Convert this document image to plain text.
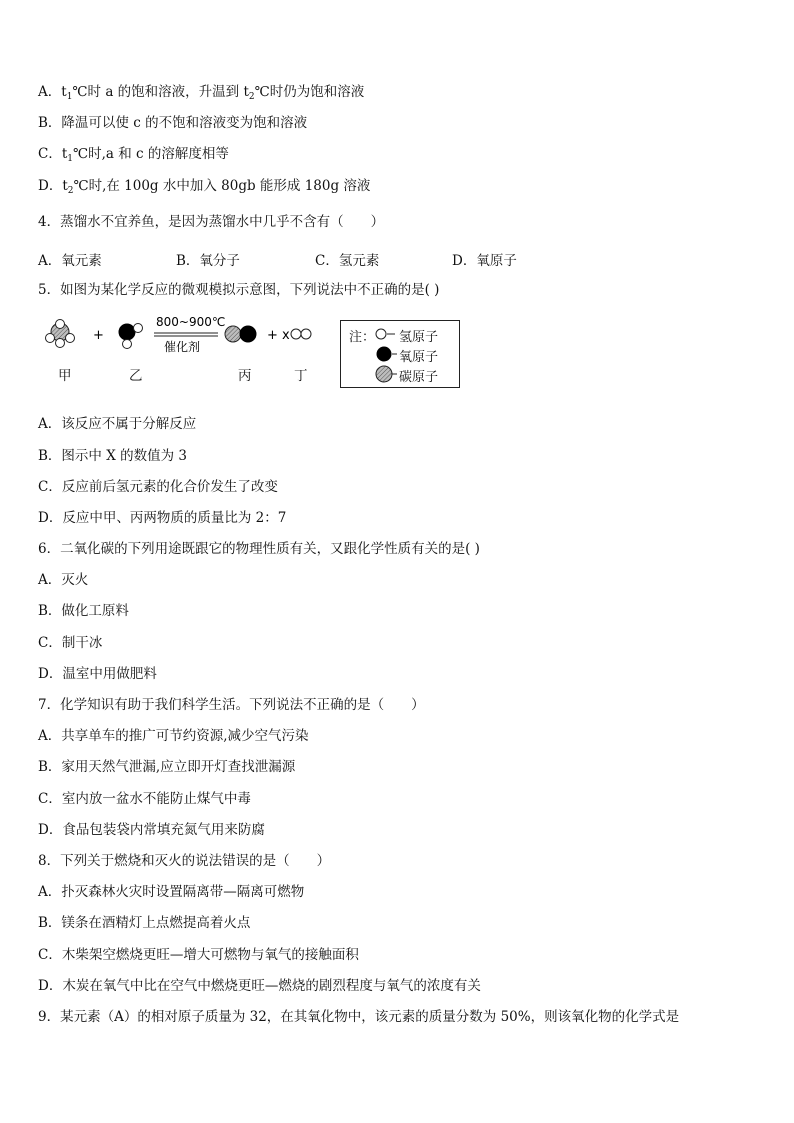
A．$t_1℃$时 a 的饱和溶液，升温到 $t_2℃$时仍为饱和溶液
B．降温可以使 c 的不饱和溶液变为饱和溶液
C．$t_1℃$时,a 和 c 的溶解度相等
D．$t_2℃$时,在 100g 水中加入 80gb 能形成 180g 溶液
4．蒸馏水不宜养鱼，是因为蒸馏水中几乎不含有（　　）
A．氧元素	B．氧分子	C．氢元素	D．氧原子
5．如图为某化学反应的微观模拟示意图，下列说法中不正确的是( )
+
800~900℃
催化剂
+ x
甲	乙	丙	丁
注： 氢原子
氧原子
碳原子
A．该反应不属于分解反应
B．图示中 X 的数值为 3
C．反应前后氢元素的化合价发生了改变
D．反应中甲、丙两物质的质量比为 2：7
6．二氧化碳的下列用途既跟它的物理性质有关，又跟化学性质有关的是( )
A．灭火
B．做化工原料
C．制干冰
D．温室中用做肥料
7．化学知识有助于我们科学生活。下列说法不正确的是（　　）
A．共享单车的推广可节约资源,减少空气污染
B．家用天然气泄漏,应立即开灯查找泄漏源
C．室内放一盆水不能防止煤气中毒
D．食品包装袋内常填充氮气用来防腐
8．下列关于燃烧和灭火的说法错误的是（　　）
A．扑灭森林火灾时设置隔离带—隔离可燃物
B．镁条在酒精灯上点燃提高着火点
C．木柴架空燃烧更旺—增大可燃物与氧气的接触面积
D．木炭在氧气中比在空气中燃烧更旺—燃烧的剧烈程度与氧气的浓度有关
9．某元素（A）的相对原子质量为 32，在其氧化物中，该元素的质量分数为 50%，则该氧化物的化学式是
